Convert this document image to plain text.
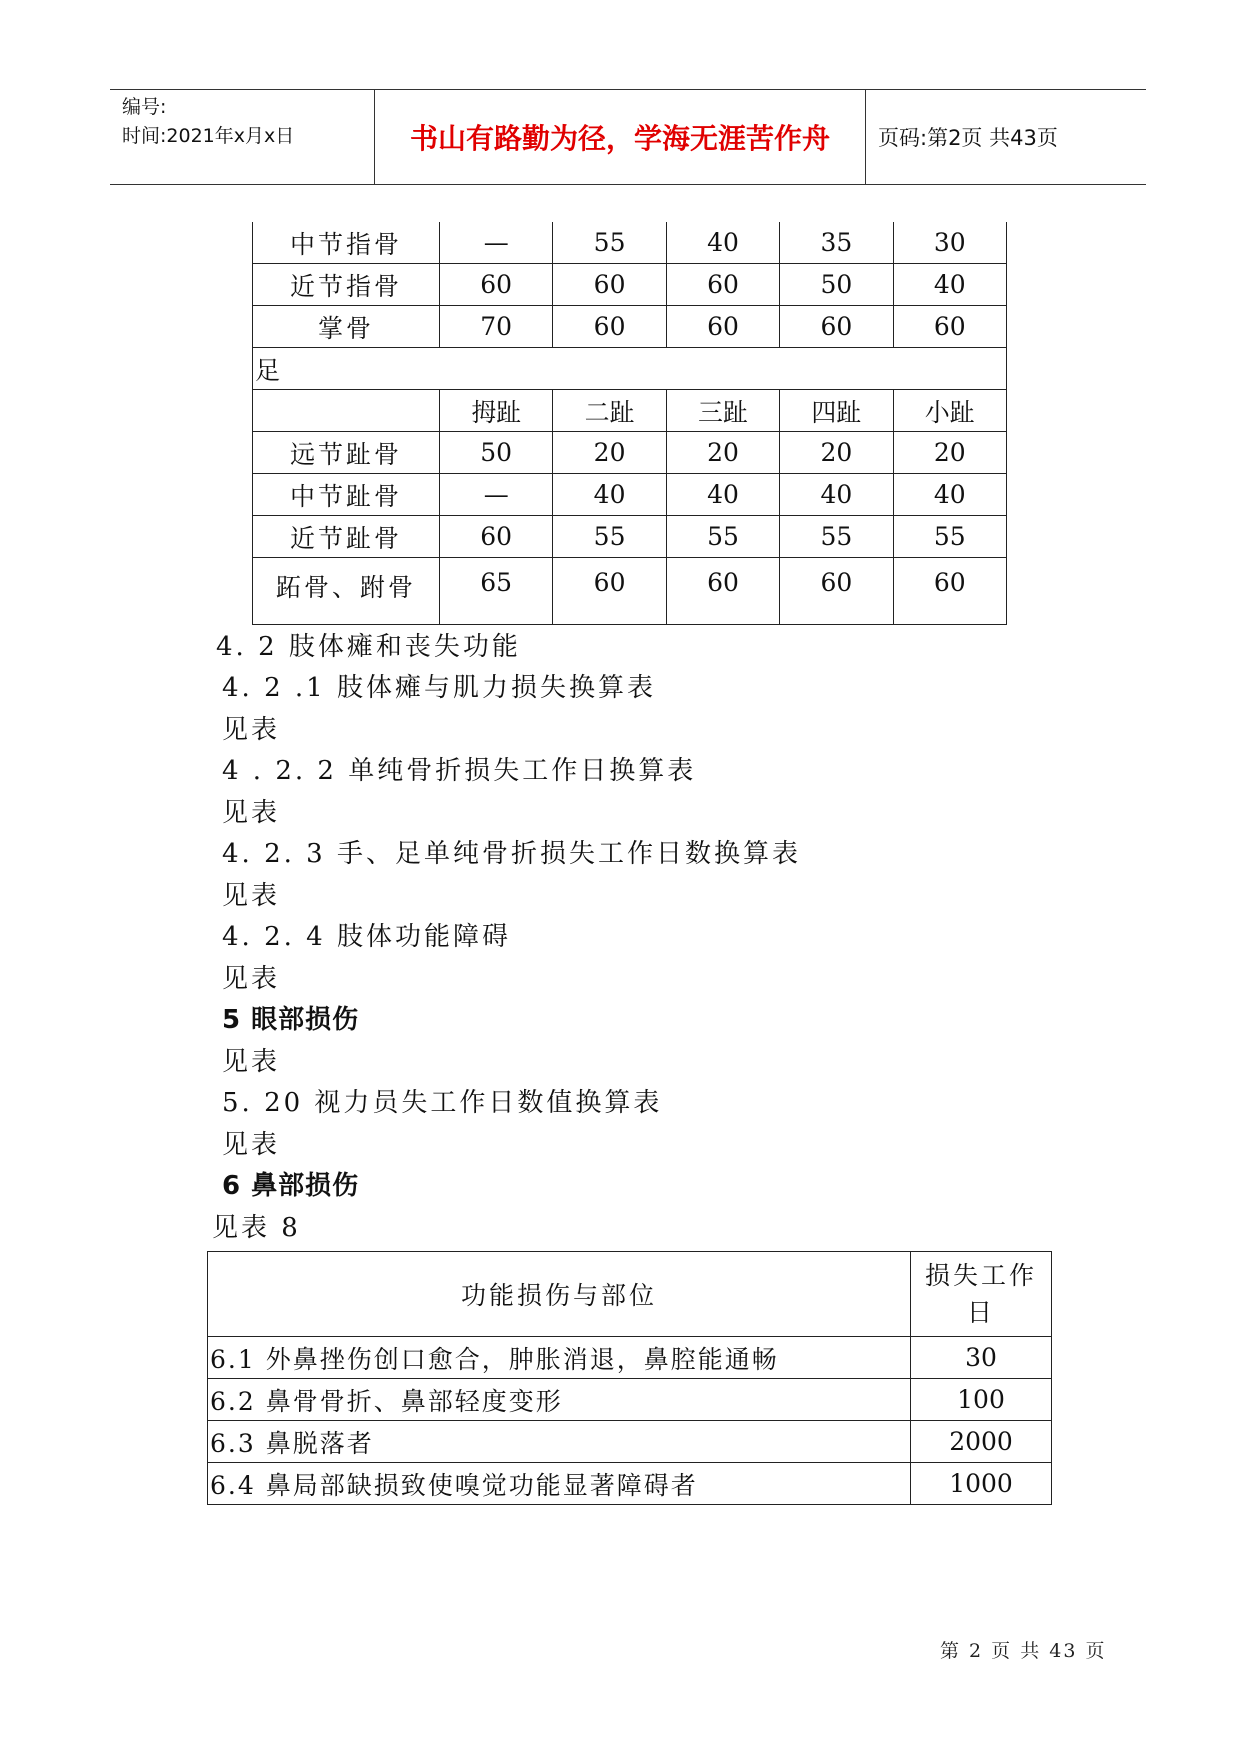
编号:
时间:2021年x月x日	书山有路勤为径，学海无涯苦作舟	页码:第2页 共43页
中节指骨	—	55	40	35	30
近节指骨	60	60	60	50	40
掌骨	70	60	60	60	60
足					
	拇趾	二趾	三趾	四趾	小趾
远节趾骨	50	20	20	20	20
中节趾骨	—	40	40	40	40
近节趾骨	60	55	55	55	55
跖骨、跗骨	65	60	60	60	60
4. 2 肢体瘫和丧失功能
4. 2 .1 肢体瘫与肌力损失换算表
见表
4 . 2. 2 单纯骨折损失工作日换算表
见表
4. 2. 3 手、足单纯骨折损失工作日数换算表
见表
4. 2. 4 肢体功能障碍
见表
5 眼部损伤
见表
5. 20 视力员失工作日数值换算表
见表
6 鼻部损伤
见表 8
功能损伤与部位	损失工作
日

6.1 外鼻挫伤创口愈合，肿胀消退，鼻腔能通畅	30
6.2 鼻骨骨折、鼻部轻度变形	100
6.3 鼻脱落者	2000
6.4 鼻局部缺损致使嗅觉功能显著障碍者	1000
第 2 页 共 43 页
